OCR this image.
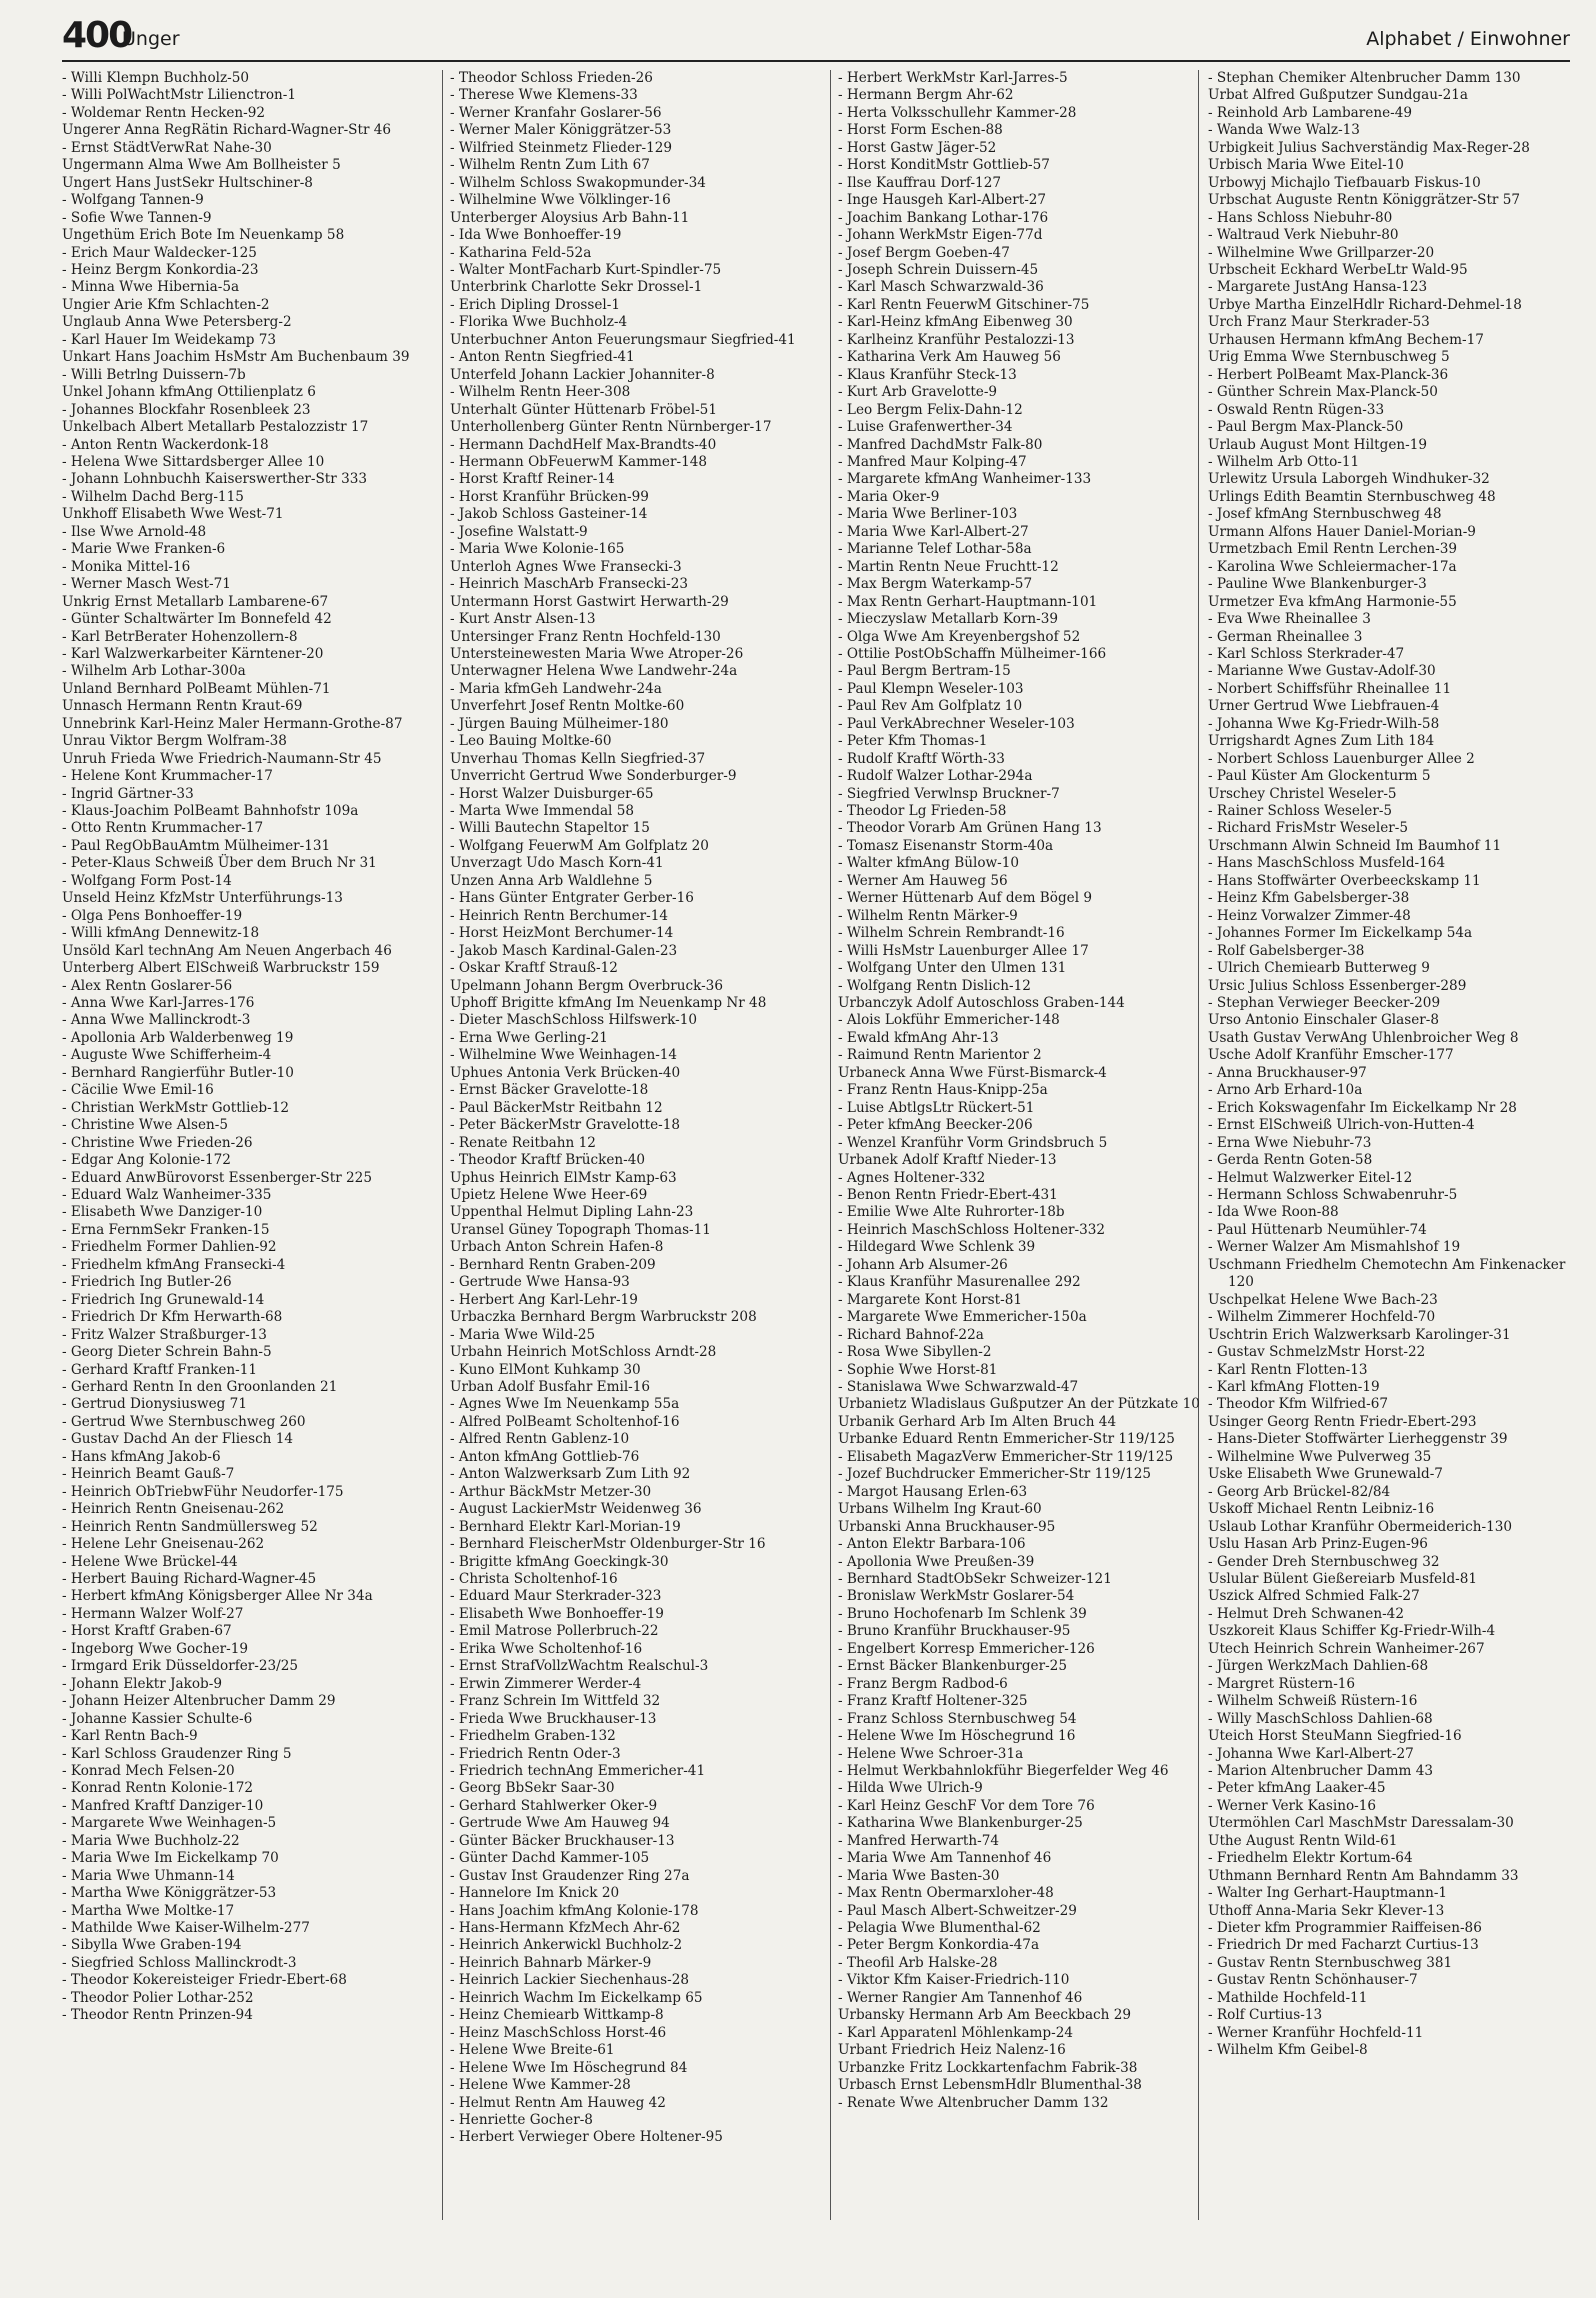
400
Unger	Alphabet / Einwohner
- Willi Klempn Buchholz-50
- Willi PolWachtMstr Lilienctron-1
- Woldemar Rentn Hecken-92
Ungerer Anna RegRätin Richard-Wagner-Str 46
- Ernst StädtVerwRat Nahe-30
Ungermann Alma Wwe Am Bollheister 5
Ungert Hans JustSekr Hultschiner-8
- Wolfgang Tannen-9
- Sofie Wwe Tannen-9
Ungethüm Erich Bote Im Neuenkamp 58
- Erich Maur Waldecker-125
- Heinz Bergm Konkordia-23
- Minna Wwe Hibernia-5a
Ungier Arie Kfm Schlachten-2
Unglaub Anna Wwe Petersberg-2
- Karl Hauer Im Weidekamp 73
Unkart Hans Joachim HsMstr Am Buchenbaum 39
- Willi Betrlng Duissern-7b
Unkel Johann kfmAng Ottilienplatz 6
- Johannes Blockfahr Rosenbleek 23
Unkelbach Albert Metallarb Pestalozzistr 17
- Anton Rentn Wackerdonk-18
- Helena Wwe Sittardsberger Allee 10
- Johann Lohnbuchh Kaiserswerther-Str 333
- Wilhelm Dachd Berg-115
Unkhoff Elisabeth Wwe West-71
- Ilse Wwe Arnold-48
- Marie Wwe Franken-6
- Monika Mittel-16
- Werner Masch West-71
Unkrig Ernst Metallarb Lambarene-67
- Günter Schaltwärter Im Bonnefeld 42
- Karl BetrBerater Hohenzollern-8
- Karl Walzwerkarbeiter Kärntener-20
- Wilhelm Arb Lothar-300a
Unland Bernhard PolBeamt Mühlen-71
Unnasch Hermann Rentn Kraut-69
Unnebrink Karl-Heinz Maler Hermann-Grothe-87
Unrau Viktor Bergm Wolfram-38
Unruh Frieda Wwe Friedrich-Naumann-Str 45
- Helene Kont Krummacher-17
- Ingrid Gärtner-33
- Klaus-Joachim PolBeamt Bahnhofstr 109a
- Otto Rentn Krummacher-17
- Paul RegObBauAmtm Mülheimer-131
- Peter-Klaus Schweiß Über dem Bruch Nr 31
- Wolfgang Form Post-14
Unseld Heinz KfzMstr Unterführungs-13
- Olga Pens Bonhoeffer-19
- Willi kfmAng Dennewitz-18
Unsöld Karl technAng Am Neuen Angerbach 46
Unterberg Albert ElSchweiß Warbruckstr 159
- Alex Rentn Goslarer-56
- Anna Wwe Karl-Jarres-176
- Anna Wwe Mallinckrodt-3
- Apollonia Arb Walderbenweg 19
- Auguste Wwe Schifferheim-4
- Bernhard Rangierführ Butler-10
- Cäcilie Wwe Emil-16
- Christian WerkMstr Gottlieb-12
- Christine Wwe Alsen-5
- Christine Wwe Frieden-26
- Edgar Ang Kolonie-172
- Eduard AnwBürovorst Essenberger-Str 225
- Eduard Walz Wanheimer-335
- Elisabeth Wwe Danziger-10
- Erna FernmSekr Franken-15
- Friedhelm Former Dahlien-92
- Friedhelm kfmAng Fransecki-4
- Friedrich Ing Butler-26
- Friedrich Ing Grunewald-14
- Friedrich Dr Kfm Herwarth-68
- Fritz Walzer Straßburger-13
- Georg Dieter Schrein Bahn-5
- Gerhard Kraftf Franken-11
- Gerhard Rentn In den Groonlanden 21
- Gertrud Dionysiusweg 71
- Gertrud Wwe Sternbuschweg 260
- Gustav Dachd An der Fliesch 14
- Hans kfmAng Jakob-6
- Heinrich Beamt Gauß-7
- Heinrich ObTriebwFühr Neudorfer-175
- Heinrich Rentn Gneisenau-262
- Heinrich Rentn Sandmüllersweg 52
- Helene Lehr Gneisenau-262
- Helene Wwe Brückel-44
- Herbert Bauing Richard-Wagner-45
- Herbert kfmAng Königsberger Allee Nr 34a
- Hermann Walzer Wolf-27
- Horst Kraftf Graben-67
- Ingeborg Wwe Gocher-19
- Irmgard Erik Düsseldorfer-23/25
- Johann Elektr Jakob-9
- Johann Heizer Altenbrucher Damm 29
- Johanne Kassier Schulte-6
- Karl Rentn Bach-9
- Karl Schloss Graudenzer Ring 5
- Konrad Mech Felsen-20
- Konrad Rentn Kolonie-172
- Manfred Kraftf Danziger-10
- Margarete Wwe Weinhagen-5
- Maria Wwe Buchholz-22
- Maria Wwe Im Eickelkamp 70
- Maria Wwe Uhmann-14
- Martha Wwe Königgrätzer-53
- Martha Wwe Moltke-17
- Mathilde Wwe Kaiser-Wilhelm-277
- Sibylla Wwe Graben-194
- Siegfried Schloss Mallinckrodt-3
- Theodor Kokereisteiger Friedr-Ebert-68
- Theodor Polier Lothar-252
- Theodor Rentn Prinzen-94
- Theodor Schloss Frieden-26
- Therese Wwe Klemens-33
- Werner Kranfahr Goslarer-56
- Werner Maler Königgrätzer-53
- Wilfried Steinmetz Flieder-129
- Wilhelm Rentn Zum Lith 67
- Wilhelm Schloss Swakopmunder-34
- Wilhelmine Wwe Völklinger-16
Unterberger Aloysius Arb Bahn-11
- Ida Wwe Bonhoeffer-19
- Katharina Feld-52a
- Walter MontFacharb Kurt-Spindler-75
Unterbrink Charlotte Sekr Drossel-1
- Erich Dipling Drossel-1
- Florika Wwe Buchholz-4
Unterbuchner Anton Feuerungsmaur Siegfried-41
- Anton Rentn Siegfried-41
Unterfeld Johann Lackier Johanniter-8
- Wilhelm Rentn Heer-308
Unterhalt Günter Hüttenarb Fröbel-51
Unterhollenberg Günter Rentn Nürnberger-17
- Hermann DachdHelf Max-Brandts-40
- Hermann ObFeuerwM Kammer-148
- Horst Kraftf Reiner-14
- Horst Kranführ Brücken-99
- Jakob Schloss Gasteiner-14
- Josefine Walstatt-9
- Maria Wwe Kolonie-165
Unterloh Agnes Wwe Fransecki-3
- Heinrich MaschArb Fransecki-23
Untermann Horst Gastwirt Herwarth-29
- Kurt Anstr Alsen-13
Untersinger Franz Rentn Hochfeld-130
Untersteinewesten Maria Wwe Atroper-26
Unterwagner Helena Wwe Landwehr-24a
- Maria kfmGeh Landwehr-24a
Unverfehrt Josef Rentn Moltke-60
- Jürgen Bauing Mülheimer-180
- Leo Bauing Moltke-60
Unverhau Thomas Kelln Siegfried-37
Unverricht Gertrud Wwe Sonderburger-9
- Horst Walzer Duisburger-65
- Marta Wwe Immendal 58
- Willi Bautechn Stapeltor 15
- Wolfgang FeuerwM Am Golfplatz 20
Unverzagt Udo Masch Korn-41
Unzen Anna Arb Waldlehne 5
- Hans Günter Entgrater Gerber-16
- Heinrich Rentn Berchumer-14
- Horst HeizMont Berchumer-14
- Jakob Masch Kardinal-Galen-23
- Oskar Kraftf Strauß-12
Upelmann Johann Bergm Overbruck-36
Uphoff Brigitte kfmAng Im Neuenkamp Nr 48
- Dieter MaschSchloss Hilfswerk-10
- Erna Wwe Gerling-21
- Wilhelmine Wwe Weinhagen-14
Uphues Antonia Verk Brücken-40
- Ernst Bäcker Gravelotte-18
- Paul BäckerMstr Reitbahn 12
- Peter BäckerMstr Gravelotte-18
- Renate Reitbahn 12
- Theodor Kraftf Brücken-40
Uphus Heinrich ElMstr Kamp-63
Upietz Helene Wwe Heer-69
Uppenthal Helmut Dipling Lahn-23
Uransel Güney Topograph Thomas-11
Urbach Anton Schrein Hafen-8
- Bernhard Rentn Graben-209
- Gertrude Wwe Hansa-93
- Herbert Ang Karl-Lehr-19
Urbaczka Bernhard Bergm Warbruckstr 208
- Maria Wwe Wild-25
Urbahn Heinrich MotSchloss Arndt-28
- Kuno ElMont Kuhkamp 30
Urban Adolf Busfahr Emil-16
- Agnes Wwe Im Neuenkamp 55a
- Alfred PolBeamt Scholtenhof-16
- Alfred Rentn Gablenz-10
- Anton kfmAng Gottlieb-76
- Anton Walzwerksarb Zum Lith 92
- Arthur BäckMstr Metzer-30
- August LackierMstr Weidenweg 36
- Bernhard Elektr Karl-Morian-19
- Bernhard FleischerMstr Oldenburger-Str 16
- Brigitte kfmAng Goeckingk-30
- Christa Scholtenhof-16
- Eduard Maur Sterkrader-323
- Elisabeth Wwe Bonhoeffer-19
- Emil Matrose Pollerbruch-22
- Erika Wwe Scholtenhof-16
- Ernst StrafVollzWachtm Realschul-3
- Erwin Zimmerer Werder-4
- Franz Schrein Im Wittfeld 32
- Frieda Wwe Bruckhauser-13
- Friedhelm Graben-132
- Friedrich Rentn Oder-3
- Friedrich technAng Emmericher-41
- Georg BbSekr Saar-30
- Gerhard Stahlwerker Oker-9
- Gertrude Wwe Am Hauweg 94
- Günter Bäcker Bruckhauser-13
- Günter Dachd Kammer-105
- Gustav Inst Graudenzer Ring 27a
- Hannelore Im Knick 20
- Hans Joachim kfmAng Kolonie-178
- Hans-Hermann KfzMech Ahr-62
- Heinrich Ankerwickl Buchholz-2
- Heinrich Bahnarb Märker-9
- Heinrich Lackier Siechenhaus-28
- Heinrich Wachm Im Eickelkamp 65
- Heinz Chemiearb Wittkamp-8
- Heinz MaschSchloss Horst-46
- Helene Wwe Breite-61
- Helene Wwe Im Höschegrund 84
- Helene Wwe Kammer-28
- Helmut Rentn Am Hauweg 42
- Henriette Gocher-8
- Herbert Verwieger Obere Holtener-95
- Herbert WerkMstr Karl-Jarres-5
- Hermann Bergm Ahr-62
- Herta Volksschullehr Kammer-28
- Horst Form Eschen-88
- Horst Gastw Jäger-52
- Horst KonditMstr Gottlieb-57
- Ilse Kauffrau Dorf-127
- Inge Hausgeh Karl-Albert-27
- Joachim Bankang Lothar-176
- Johann WerkMstr Eigen-77d
- Josef Bergm Goeben-47
- Joseph Schrein Duissern-45
- Karl Masch Schwarzwald-36
- Karl Rentn FeuerwM Gitschiner-75
- Karl-Heinz kfmAng Eibenweg 30
- Karlheinz Kranführ Pestalozzi-13
- Katharina Verk Am Hauweg 56
- Klaus Kranführ Steck-13
- Kurt Arb Gravelotte-9
- Leo Bergm Felix-Dahn-12
- Luise Grafenwerther-34
- Manfred DachdMstr Falk-80
- Manfred Maur Kolping-47
- Margarete kfmAng Wanheimer-133
- Maria Oker-9
- Maria Wwe Berliner-103
- Maria Wwe Karl-Albert-27
- Marianne Telef Lothar-58a
- Martin Rentn Neue Fruchtt-12
- Max Bergm Waterkamp-57
- Max Rentn Gerhart-Hauptmann-101
- Mieczyslaw Metallarb Korn-39
- Olga Wwe Am Kreyenbergshof 52
- Ottilie PostObSchaffn Mülheimer-166
- Paul Bergm Bertram-15
- Paul Klempn Weseler-103
- Paul Rev Am Golfplatz 10
- Paul VerkAbrechner Weseler-103
- Peter Kfm Thomas-1
- Rudolf Kraftf Wörth-33
- Rudolf Walzer Lothar-294a
- Siegfried Verwlnsp Bruckner-7
- Theodor Lg Frieden-58
- Theodor Vorarb Am Grünen Hang 13
- Tomasz Eisenanstr Storm-40a
- Walter kfmAng Bülow-10
- Werner Am Hauweg 56
- Werner Hüttenarb Auf dem Bögel 9
- Wilhelm Rentn Märker-9
- Wilhelm Schrein Rembrandt-16
- Willi HsMstr Lauenburger Allee 17
- Wolfgang Unter den Ulmen 131
- Wolfgang Rentn Dislich-12
Urbanczyk Adolf Autoschloss Graben-144
- Alois Lokführ Emmericher-148
- Ewald kfmAng Ahr-13
- Raimund Rentn Marientor 2
Urbaneck Anna Wwe Fürst-Bismarck-4
- Franz Rentn Haus-Knipp-25a
- Luise AbtlgsLtr Rückert-51
- Peter kfmAng Beecker-206
- Wenzel Kranführ Vorm Grindsbruch 5
Urbanek Adolf Kraftf Nieder-13
- Agnes Holtener-332
- Benon Rentn Friedr-Ebert-431
- Emilie Wwe Alte Ruhrorter-18b
- Heinrich MaschSchloss Holtener-332
- Hildegard Wwe Schlenk 39
- Johann Arb Alsumer-26
- Klaus Kranführ Masurenallee 292
- Margarete Kont Horst-81
- Margarete Wwe Emmericher-150a
- Richard Bahnof-22a
- Rosa Wwe Sibyllen-2
- Sophie Wwe Horst-81
- Stanislawa Wwe Schwarzwald-47
Urbanietz Wladislaus Gußputzer An der Pützkate 10
Urbanik Gerhard Arb Im Alten Bruch 44
Urbanke Eduard Rentn Emmericher-Str 119/125
- Elisabeth MagazVerw Emmericher-Str 119/125
- Jozef Buchdrucker Emmericher-Str 119/125
- Margot Hausang Erlen-63
Urbans Wilhelm Ing Kraut-60
Urbanski Anna Bruckhauser-95
- Anton Elektr Barbara-106
- Apollonia Wwe Preußen-39
- Bernhard StadtObSekr Schweizer-121
- Bronislaw WerkMstr Goslarer-54
- Bruno Hochofenarb Im Schlenk 39
- Bruno Kranführ Bruckhauser-95
- Engelbert Korresp Emmericher-126
- Ernst Bäcker Blankenburger-25
- Franz Bergm Radbod-6
- Franz Kraftf Holtener-325
- Franz Schloss Sternbuschweg 54
- Helene Wwe Im Höschegrund 16
- Helene Wwe Schroer-31a
- Helmut Werkbahnlokführ Biegerfelder Weg 46
- Hilda Wwe Ulrich-9
- Karl Heinz GeschF Vor dem Tore 76
- Katharina Wwe Blankenburger-25
- Manfred Herwarth-74
- Maria Wwe Am Tannenhof 46
- Maria Wwe Basten-30
- Max Rentn Obermarxloher-48
- Paul Masch Albert-Schweitzer-29
- Pelagia Wwe Blumenthal-62
- Peter Bergm Konkordia-47a
- Theofil Arb Halske-28
- Viktor Kfm Kaiser-Friedrich-110
- Werner Rangier Am Tannenhof 46
Urbansky Hermann Arb Am Beeckbach 29
- Karl Apparatenl Möhlenkamp-24
Urbant Friedrich Heiz Nalenz-16
Urbanzke Fritz Lockkartenfachm Fabrik-38
Urbasch Ernst LebensmHdlr Blumenthal-38
- Renate Wwe Altenbrucher Damm 132
- Stephan Chemiker Altenbrucher Damm 130
Urbat Alfred Gußputzer Sundgau-21a
- Reinhold Arb Lambarene-49
- Wanda Wwe Walz-13
Urbigkeit Julius Sachverständig Max-Reger-28
Urbisch Maria Wwe Eitel-10
Urbowyj Michajlo Tiefbauarb Fiskus-10
Urbschat Auguste Rentn Königgrätzer-Str 57
- Hans Schloss Niebuhr-80
- Waltraud Verk Niebuhr-80
- Wilhelmine Wwe Grillparzer-20
Urbscheit Eckhard WerbeLtr Wald-95
- Margarete JustAng Hansa-123
Urbye Martha EinzelHdlr Richard-Dehmel-18
Urch Franz Maur Sterkrader-53
Urhausen Hermann kfmAng Bechem-17
Urig Emma Wwe Sternbuschweg 5
- Herbert PolBeamt Max-Planck-36
- Günther Schrein Max-Planck-50
- Oswald Rentn Rügen-33
- Paul Bergm Max-Planck-50
Urlaub August Mont Hiltgen-19
- Wilhelm Arb Otto-11
Urlewitz Ursula Laborgeh Windhuker-32
Urlings Edith Beamtin Sternbuschweg 48
- Josef kfmAng Sternbuschweg 48
Urmann Alfons Hauer Daniel-Morian-9
Urmetzbach Emil Rentn Lerchen-39
- Karolina Wwe Schleiermacher-17a
- Pauline Wwe Blankenburger-3
Urmetzer Eva kfmAng Harmonie-55
- Eva Wwe Rheinallee 3
- German Rheinallee 3
- Karl Schloss Sterkrader-47
- Marianne Wwe Gustav-Adolf-30
- Norbert Schiffsführ Rheinallee 11
Urner Gertrud Wwe Liebfrauen-4
- Johanna Wwe Kg-Friedr-Wilh-58
Urrigshardt Agnes Zum Lith 184
- Norbert Schloss Lauenburger Allee 2
- Paul Küster Am Glockenturm 5
Urschey Christel Weseler-5
- Rainer Schloss Weseler-5
- Richard FrisMstr Weseler-5
Urschmann Alwin Schneid Im Baumhof 11
- Hans MaschSchloss Musfeld-164
- Hans Stoffwärter Overbeeckskamp 11
- Heinz Kfm Gabelsberger-38
- Heinz Vorwalzer Zimmer-48
- Johannes Former Im Eickelkamp 54a
- Rolf Gabelsberger-38
- Ulrich Chemiearb Butterweg 9
Ursic Julius Schloss Essenberger-289
- Stephan Verwieger Beecker-209
Urso Antonio Einschaler Glaser-8
Usath Gustav VerwAng Uhlenbroicher Weg 8
Usche Adolf Kranführ Emscher-177
- Anna Bruckhauser-97
- Arno Arb Erhard-10a
- Erich Kokswagenfahr Im Eickelkamp Nr 28
- Ernst ElSchweiß Ulrich-von-Hutten-4
- Erna Wwe Niebuhr-73
- Gerda Rentn Goten-58
- Helmut Walzwerker Eitel-12
- Hermann Schloss Schwabenruhr-5
- Ida Wwe Roon-88
- Paul Hüttenarb Neumühler-74
- Werner Walzer Am Mismahlshof 19
Uschmann Friedhelm Chemotechn Am Finkenacker 120
Uschpelkat Helene Wwe Bach-23
- Wilhelm Zimmerer Hochfeld-70
Uschtrin Erich Walzwerksarb Karolinger-31
- Gustav SchmelzMstr Horst-22
- Karl Rentn Flotten-13
- Karl kfmAng Flotten-19
- Theodor Kfm Wilfried-67
Usinger Georg Rentn Friedr-Ebert-293
- Hans-Dieter Stoffwärter Lierheggenstr 39
- Wilhelmine Wwe Pulverweg 35
Uske Elisabeth Wwe Grunewald-7
- Georg Arb Brückel-82/84
Uskoff Michael Rentn Leibniz-16
Uslaub Lothar Kranführ Obermeiderich-130
Uslu Hasan Arb Prinz-Eugen-96
- Gender Dreh Sternbuschweg 32
Uslular Bülent Gießereiarb Musfeld-81
Uszick Alfred Schmied Falk-27
- Helmut Dreh Schwanen-42
Uszkoreit Klaus Schiffer Kg-Friedr-Wilh-4
Utech Heinrich Schrein Wanheimer-267
- Jürgen WerkzMach Dahlien-68
- Margret Rüstern-16
- Wilhelm Schweiß Rüstern-16
- Willy MaschSchloss Dahlien-68
Uteich Horst SteuMann Siegfried-16
- Johanna Wwe Karl-Albert-27
- Marion Altenbrucher Damm 43
- Peter kfmAng Laaker-45
- Werner Verk Kasino-16
Utermöhlen Carl MaschMstr Daressalam-30
Uthe August Rentn Wild-61
- Friedhelm Elektr Kortum-64
Uthmann Bernhard Rentn Am Bahndamm 33
- Walter Ing Gerhart-Hauptmann-1
Uthoff Anna-Maria Sekr Klever-13
- Dieter kfm Programmier Raiffeisen-86
- Friedrich Dr med Facharzt Curtius-13
- Gustav Rentn Sternbuschweg 381
- Gustav Rentn Schönhauser-7
- Mathilde Hochfeld-11
- Rolf Curtius-13
- Werner Kranführ Hochfeld-11
- Wilhelm Kfm Geibel-8
